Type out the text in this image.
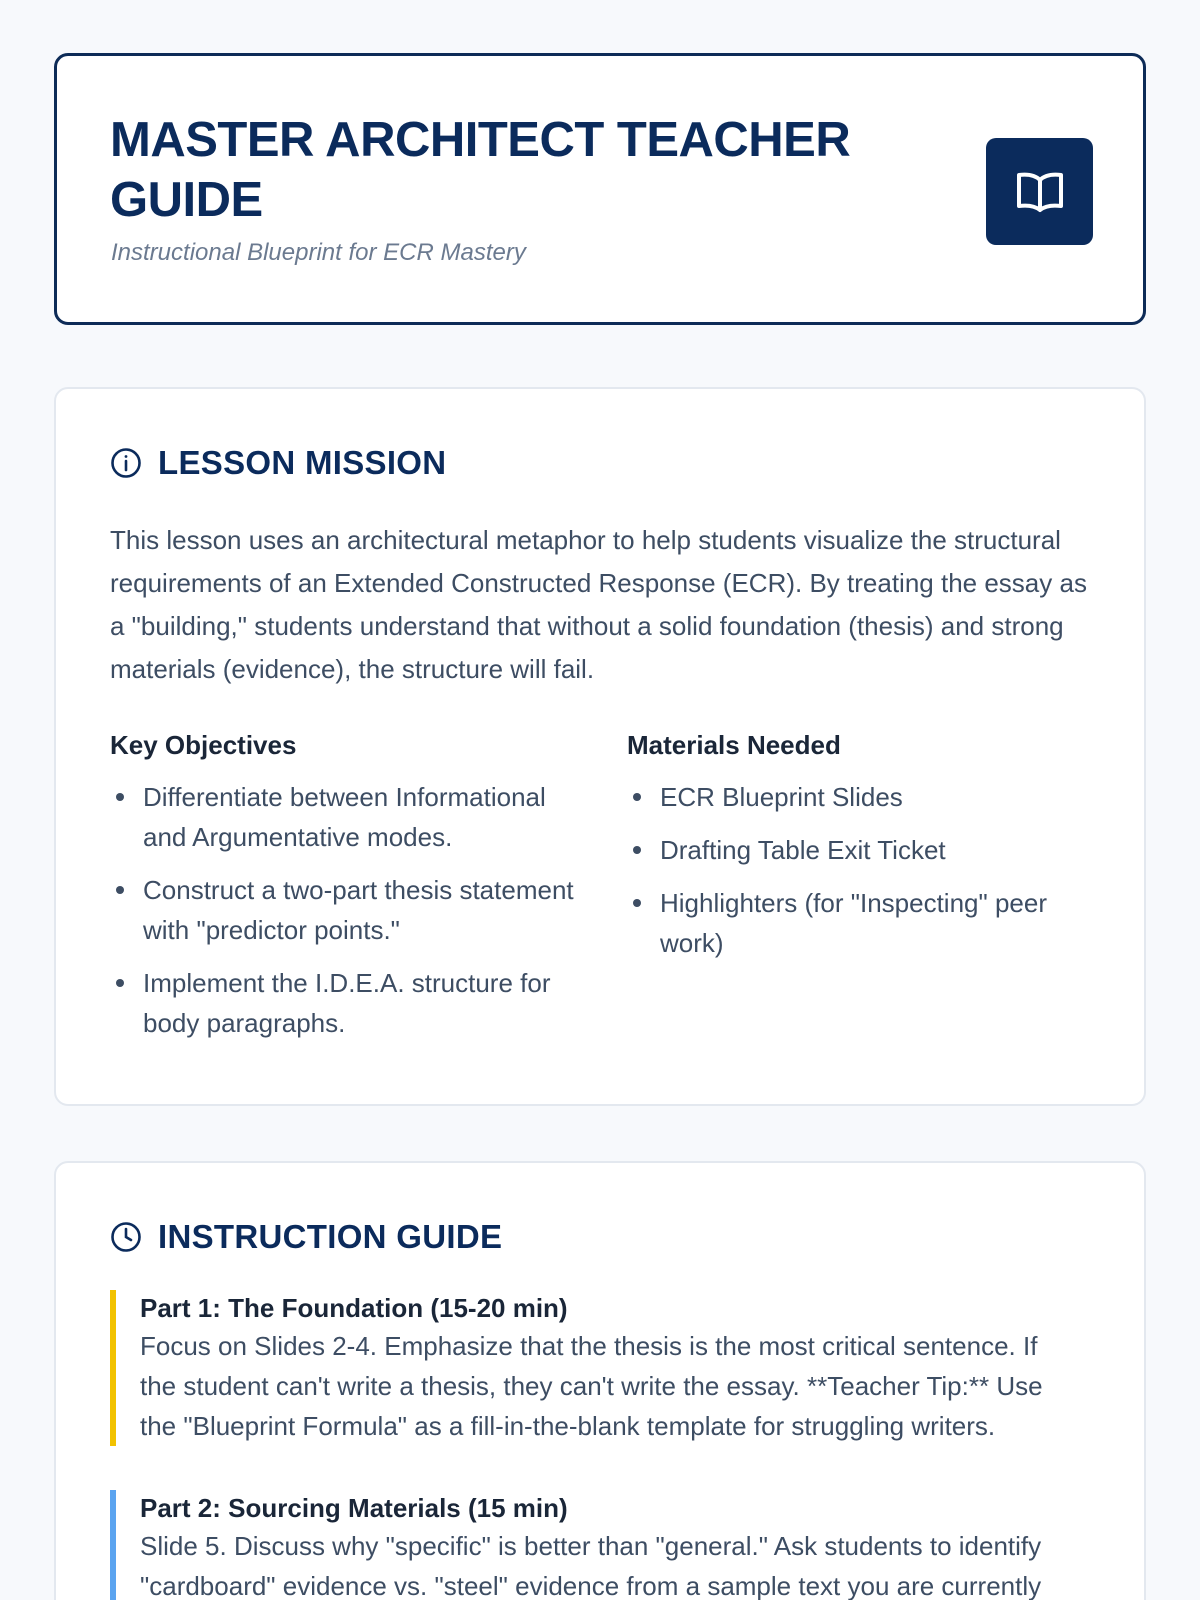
MASTER ARCHITECT TEACHER GUIDE

Instructional Blueprint for ECR Mastery

LESSON MISSION

This lesson uses an architectural metaphor to help students visualize the structural requirements of an Extended Constructed Response (ECR). By treating the essay as a "building," students understand that without a solid foundation (thesis) and strong materials (evidence), the structure will fail.

Key Objectives
Differentiate between Informational and Argumentative modes.
Construct a two-part thesis statement with "predictor points."
Implement the I.D.E.A. structure for body paragraphs.
Materials Needed
ECR Blueprint Slides
Drafting Table Exit Ticket
Highlighters (for "Inspecting" peer work)
INSTRUCTION GUIDE

Part 1: The Foundation (15-20 min)

Focus on Slides 2-4. Emphasize that the thesis is the most critical sentence. If the student can't write a thesis, they can't write the essay. **Teacher Tip:** Use the "Blueprint Formula" as a fill-in-the-blank template for struggling writers.

Part 2: Sourcing Materials (15 min)

Slide 5. Discuss why "specific" is better than "general." Ask students to identify "cardboard" evidence vs. "steel" evidence from a sample text you are currently
